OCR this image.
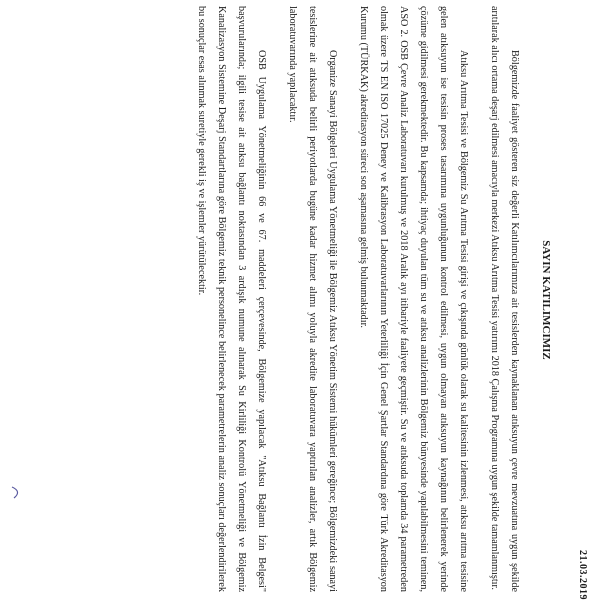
21.03.2019
SAYIN KATILIMCIMIZ

Bölgemizde faaliyet gösteren siz değerli Katılımcılarımıza ait tesislerden kaynaklanan atıksuyun çevre mevzuatına uygun şekilde arıtılarak alıcı ortama deşarj edilmesi amacıyla merkezi Atıksu Arıtma Tesisi yatırımı 2018 Çalışma Programına uygun şekilde tamamlanmıştır.

Atıksu Arıtma Tesisi ve Bölgemiz Su Arıtma Tesisi girişi ve çıkışında günlük olarak su kalitesinin izlenmesi, atıksu arıtma tesisine gelen atıksuyun ise tesisin proses tasarımına uygunluğunun kontrol edilmesi, uygun olmayan atıksuyun kaynağının belirlenerek yerinde çözüme gidilmesi gerekmektedir. Bu kapsamda; ihtiyaç duyulan tüm su ve atıksu analizlerinin Bölgemiz bünyesinde yapılabilmesini teminen, ASO 2. OSB Çevre Analiz Laboratuvarı kurulmuş ve 2018 Aralık ayı itibariyle faaliyete geçmiştir. Su ve atıksuda toplamda 34 parametreden olmak üzere TS EN ISO 17025 Deney ve Kalibrasyon Laboratuvarlarının Yeterliliği İçin Genel Şartlar Standardına göre Türk Akreditasyon Kurumu (TÜRKAK) akreditasyon süreci son aşamasına gelmiş bulunmaktadır.

Organize Sanayi Bölgeleri Uygulama Yönetmeliği ile Bölgemiz Atıksu Yönetim Sistemi hükümleri gereğince; Bölgemizdeki sanayi tesislerine ait atıksuda belirli periyotlarda bugüne kadar hizmet alımı yoluyla akredite laboratuvara yaptırılan analizler, artık Bölgemiz laboratuvarında yapılacaktır.

OSB Uygulama Yönetmeliğinin 66 ve 67. maddeleri çerçevesinde, Bölgemize yapılacak "Atıksu Bağlantı İzin Belgesi" başvurularında; ilgili tesise ait atıksu bağlantı noktasından 3 ardışık numune alınarak Su Kirliliği Kontrolü Yönetmeliği ve Bölgemiz Kanalizasyon Sistemine Deşarj Standartlarına göre Bölgemiz teknik personelince belirlenecek parametrelerin analiz sonuçları değerlendirilerek bu sonuçlar esas alınmak suretiyle gerekli iş ve işlemler yürütülecektir.
